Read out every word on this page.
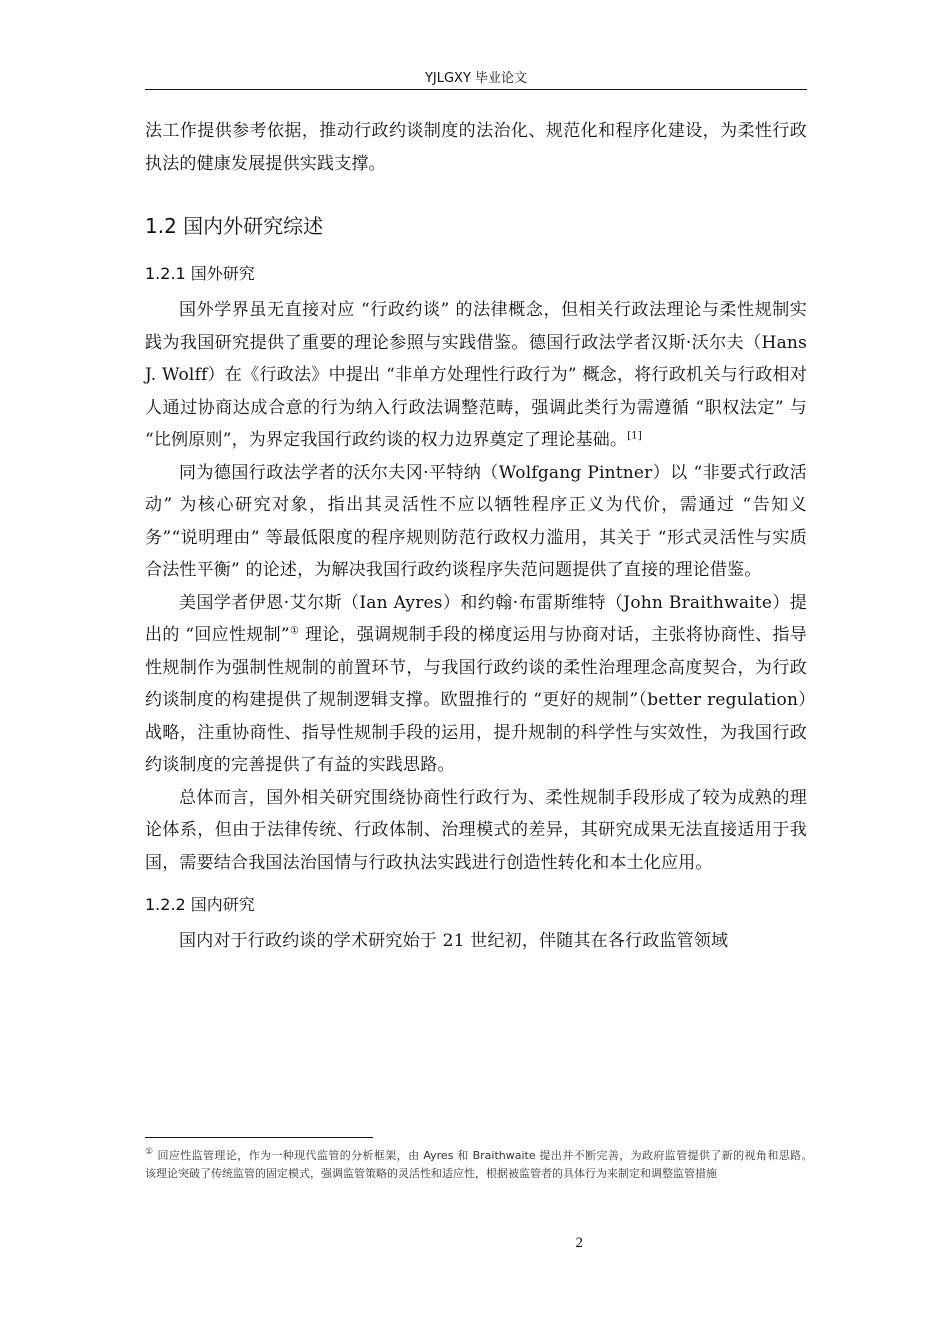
YJLGXY 毕业论文

法工作提供参考依据，推动行政约谈制度的法治化、规范化和程序化建设，为柔性行政执法的健康发展提供实践支撑。

1.2 国内外研究综述
1.2.1 国外研究

国外学界虽无直接对应 “行政约谈” 的法律概念，但相关行政法理论与柔性规制实践为我国研究提供了重要的理论参照与实践借鉴。德国行政法学者汉斯·沃尔夫（Hans J. Wolff）在《行政法》中提出 “非单方处理性行政行为” 概念，将行政机关与行政相对人通过协商达成合意的行为纳入行政法调整范畴，强调此类行为需遵循 “职权法定” 与 “比例原则”，为界定我国行政约谈的权力边界奠定了理论基础。[1]

同为德国行政法学者的沃尔夫冈·平特纳（Wolfgang Pintner）以 “非要式行政活动” 为核心研究对象，指出其灵活性不应以牺牲程序正义为代价，需通过 “告知义务”“说明理由” 等最低限度的程序规则防范行政权力滥用，其关于 “形式灵活性与实质合法性平衡” 的论述，为解决我国行政约谈程序失范问题提供了直接的理论借鉴。

美国学者伊恩·艾尔斯（Ian Ayres）和约翰·布雷斯维特（John Braithwaite）提出的 “回应性规制”① 理论，强调规制手段的梯度运用与协商对话，主张将协商性、指导性规制作为强制性规制的前置环节，与我国行政约谈的柔性治理理念高度契合，为行政约谈制度的构建提供了规制逻辑支撑。欧盟推行的 “更好的规制”（better regulation）战略，注重协商性、指导性规制手段的运用，提升规制的科学性与实效性，为我国行政约谈制度的完善提供了有益的实践思路。

总体而言，国外相关研究围绕协商性行政行为、柔性规制手段形成了较为成熟的理论体系，但由于法律传统、行政体制、治理模式的差异，其研究成果无法直接适用于我国，需要结合我国法治国情与行政执法实践进行创造性转化和本土化应用。

1.2.2 国内研究

国内对于行政约谈的学术研究始于 21 世纪初，伴随其在各行政监管领域

① 回应性监管理论，作为一种现代监管的分析框架，由 Ayres 和 Braithwaite 提出并不断完善，为政府监管提供了新的视角和思路。　该理论突破了传统监管的固定模式，强调监管策略的灵活性和适应性，根据被监管者的具体行为来制定和调整监管措施
2
